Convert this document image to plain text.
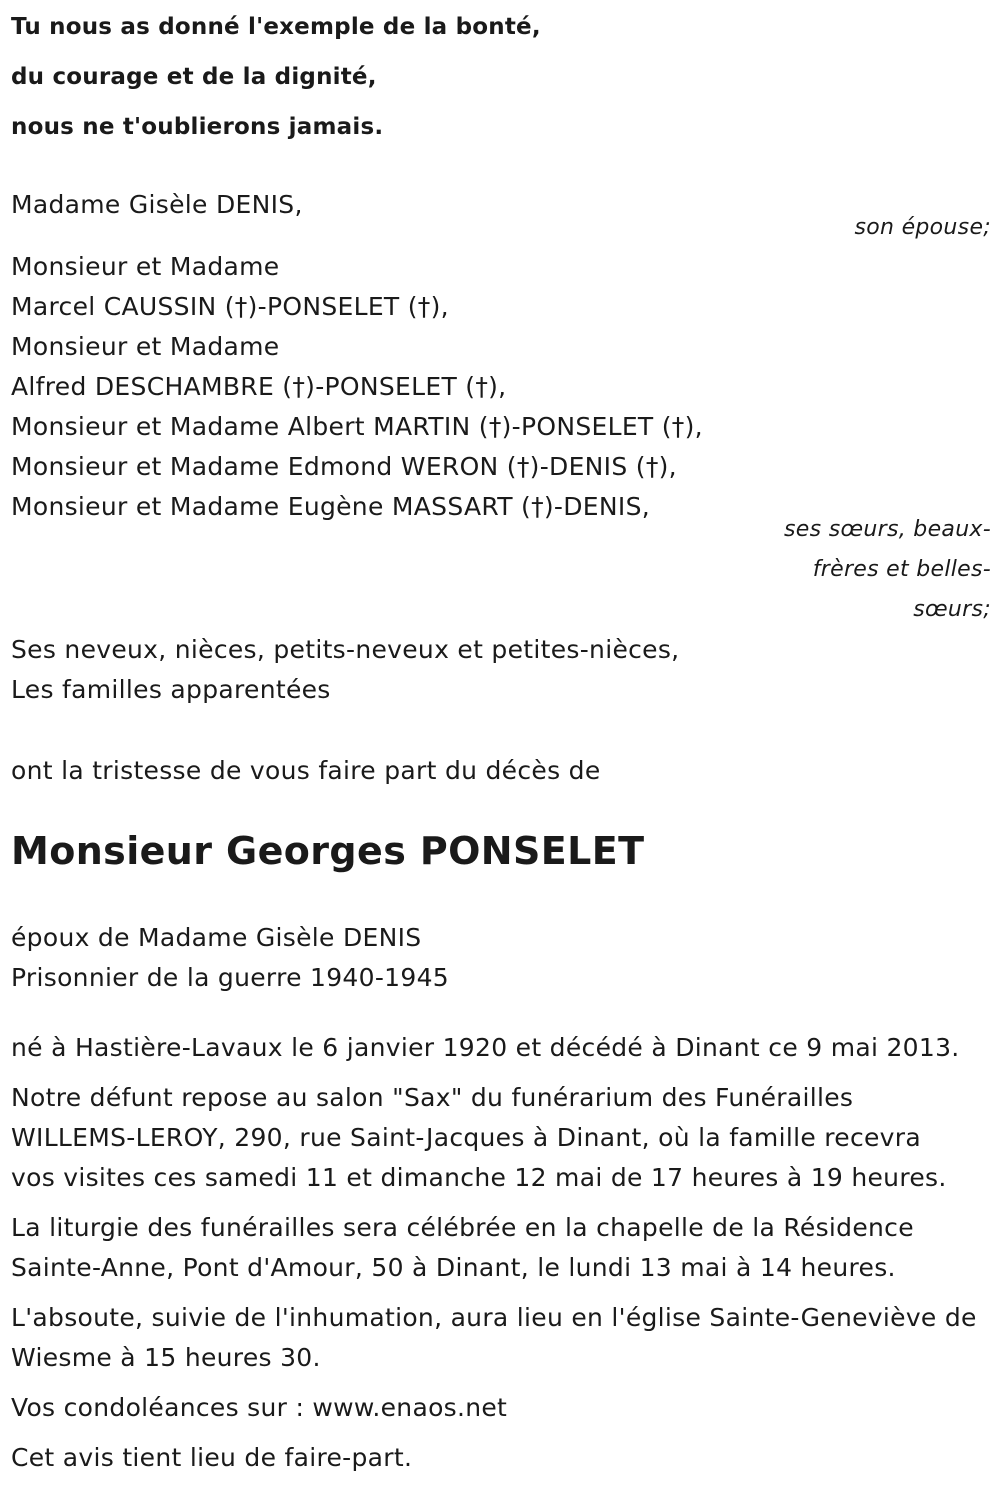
Tu nous as donné l'exemple de la bonté,

du courage et de la dignité,

nous ne t'oublierons jamais.

Madame Gisèle DENIS,
son épouse;
Monsieur et Madame
Marcel CAUSSIN (†)-PONSELET (†),
Monsieur et Madame
Alfred DESCHAMBRE (†)-PONSELET (†),
Monsieur et Madame Albert MARTIN (†)-PONSELET (†),
Monsieur et Madame Edmond WERON (†)-DENIS (†),
Monsieur et Madame Eugène MASSART (†)-DENIS,
ses sœurs, beaux-
frères et belles-
sœurs;
Ses neveux, nièces, petits-neveux et petites-nièces,
Les familles apparentées
ont la tristesse de vous faire part du décès de
Monsieur Georges PONSELET
époux de Madame Gisèle DENIS
Prisonnier de la guerre 1940-1945
né à Hastière-Lavaux le 6 janvier 1920 et décédé à Dinant ce 9 mai 2013.
Notre défunt repose au salon "Sax" du funérarium des Funérailles
WILLEMS-LEROY, 290, rue Saint-Jacques à Dinant, où la famille recevra
vos visites ces samedi 11 et dimanche 12 mai de 17 heures à 19 heures.
La liturgie des funérailles sera célébrée en la chapelle de la Résidence
Sainte-Anne, Pont d'Amour, 50 à Dinant, le lundi 13 mai à 14 heures.
L'absoute, suivie de l'inhumation, aura lieu en l'église Sainte-Geneviève de
Wiesme à 15 heures 30.
Vos condoléances sur : www.enaos.net
Cet avis tient lieu de faire-part.
